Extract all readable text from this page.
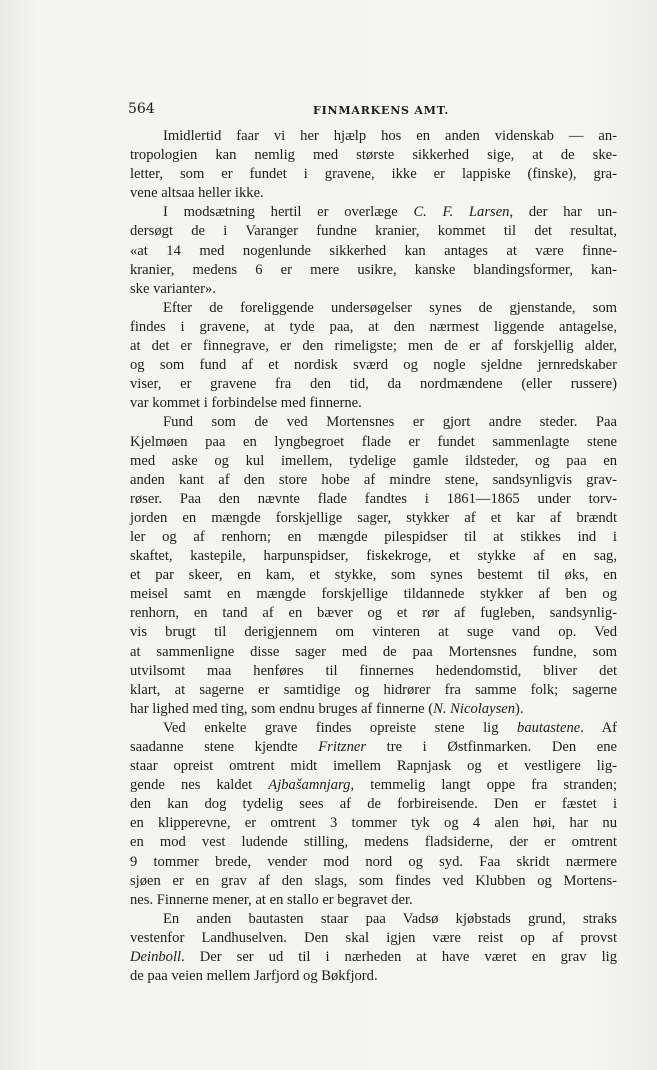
564	FINMARKENS AMT.
Imidlertid faar vi her hjælp hos en anden videnskab — an-
tropologien kan nemlig med største sikkerhed sige, at de ske-
letter, som er fundet i gravene, ikke er lappiske (finske), gra-
vene altsaa heller ikke.
I modsætning hertil er overlæge C. F. Larsen, der har un-
dersøgt de i Varanger fundne kranier, kommet til det resultat,
«at 14 med nogenlunde sikkerhed kan antages at være finne-
kranier, medens 6 er mere usikre, kanske blandingsformer, kan-
ske varianter».
Efter de foreliggende undersøgelser synes de gjenstande, som
findes i gravene, at tyde paa, at den nærmest liggende antagelse,
at det er finnegrave, er den rimeligste; men de er af forskjellig alder,
og som fund af et nordisk sværd og nogle sjeldne jernredskaber
viser, er gravene fra den tid, da nordmændene (eller russere)
var kommet i forbindelse med finnerne.
Fund som de ved Mortensnes er gjort andre steder. Paa
Kjelmøen paa en lyngbegroet flade er fundet sammenlagte stene
med aske og kul imellem, tydelige gamle ildsteder, og paa en
anden kant af den store hobe af mindre stene, sandsynligvis grav-
røser. Paa den nævnte flade fandtes i 1861—1865 under torv-
jorden en mængde forskjellige sager, stykker af et kar af brændt
ler og af renhorn; en mængde pilespidser til at stikkes ind i
skaftet, kastepile, harpunspidser, fiskekroge, et stykke af en sag,
et par skeer, en kam, et stykke, som synes bestemt til øks, en
meisel samt en mængde forskjellige tildannede stykker af ben og
renhorn, en tand af en bæver og et rør af fugleben, sandsynlig-
vis brugt til derigjennem om vinteren at suge vand op. Ved
at sammenligne disse sager med de paa Mortensnes fundne, som
utvilsomt maa henføres til finnernes hedendomstid, bliver det
klart, at sagerne er samtidige og hidrører fra samme folk; sagerne
har lighed med ting, som endnu bruges af finnerne (N. Nicolaysen).
Ved enkelte grave findes opreiste stene lig bautastene. Af
saadanne stene kjendte Fritzner tre i Østfinmarken. Den ene
staar opreist omtrent midt imellem Rapnjask og et vestligere lig-
gende nes kaldet Ajbašamnjarg, temmelig langt oppe fra stranden;
den kan dog tydelig sees af de forbireisende. Den er fæstet i
en klipperevne, er omtrent 3 tommer tyk og 4 alen høi, har nu
en mod vest ludende stilling, medens fladsiderne, der er omtrent
9 tommer brede, vender mod nord og syd. Faa skridt nærmere
sjøen er en grav af den slags, som findes ved Klubben og Mortens-
nes. Finnerne mener, at en stallo er begravet der.
En anden bautasten staar paa Vadsø kjøbstads grund, straks
vestenfor Landhuselven. Den skal igjen være reist op af provst
Deinboll. Der ser ud til i nærheden at have været en grav lig
de paa veien mellem Jarfjord og Bøkfjord.
